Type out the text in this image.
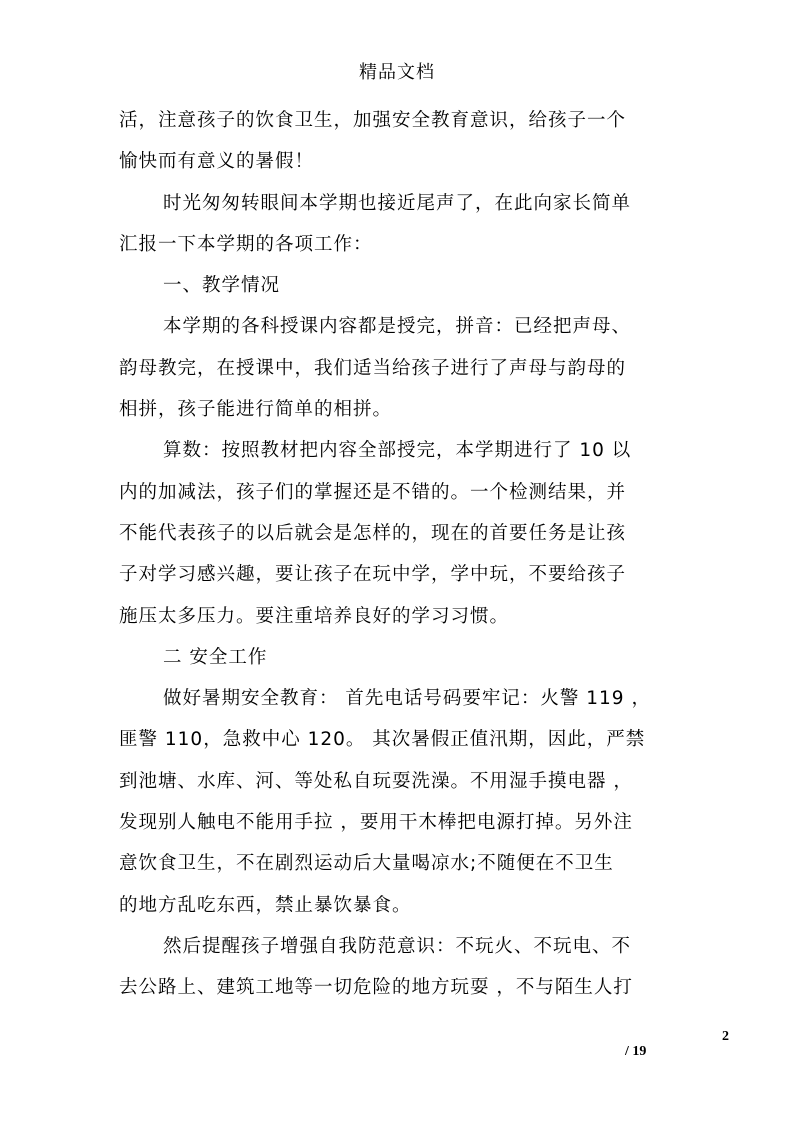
精品文档
活，注意孩子的饮食卫生，加强安全教育意识，给孩子一个
愉快而有意义的暑假！
时光匆匆转眼间本学期也接近尾声了，在此向家长简单
汇报一下本学期的各项工作：
一、教学情况
本学期的各科授课内容都是授完，拼音：已经把声母、
韵母教完，在授课中，我们适当给孩子进行了声母与韵母的
相拼，孩子能进行简单的相拼。
算数：按照教材把内容全部授完，本学期进行了 10 以
内的加减法，孩子们的掌握还是不错的。一个检测结果，并
不能代表孩子的以后就会是怎样的，现在的首要任务是让孩
子对学习感兴趣，要让孩子在玩中学，学中玩，不要给孩子
施压太多压力。要注重培养良好的学习习惯。
二 安全工作
做好暑期安全教育： 首先电话号码要牢记：火警 119 ，
匪警 110，急救中心 120。 其次暑假正值汛期，因此，严禁
到池塘、水库、河、等处私自玩耍洗澡。不用湿手摸电器 ，
发现别人触电不能用手拉 ，要用干木棒把电源打掉。另外注
意饮食卫生，不在剧烈运动后大量喝凉水;不随便在不卫生
的地方乱吃东西，禁止暴饮暴食。
然后提醒孩子增强自我防范意识：不玩火、不玩电、不
去公路上、建筑工地等一切危险的地方玩耍 ，不与陌生人打
2
/ 19
